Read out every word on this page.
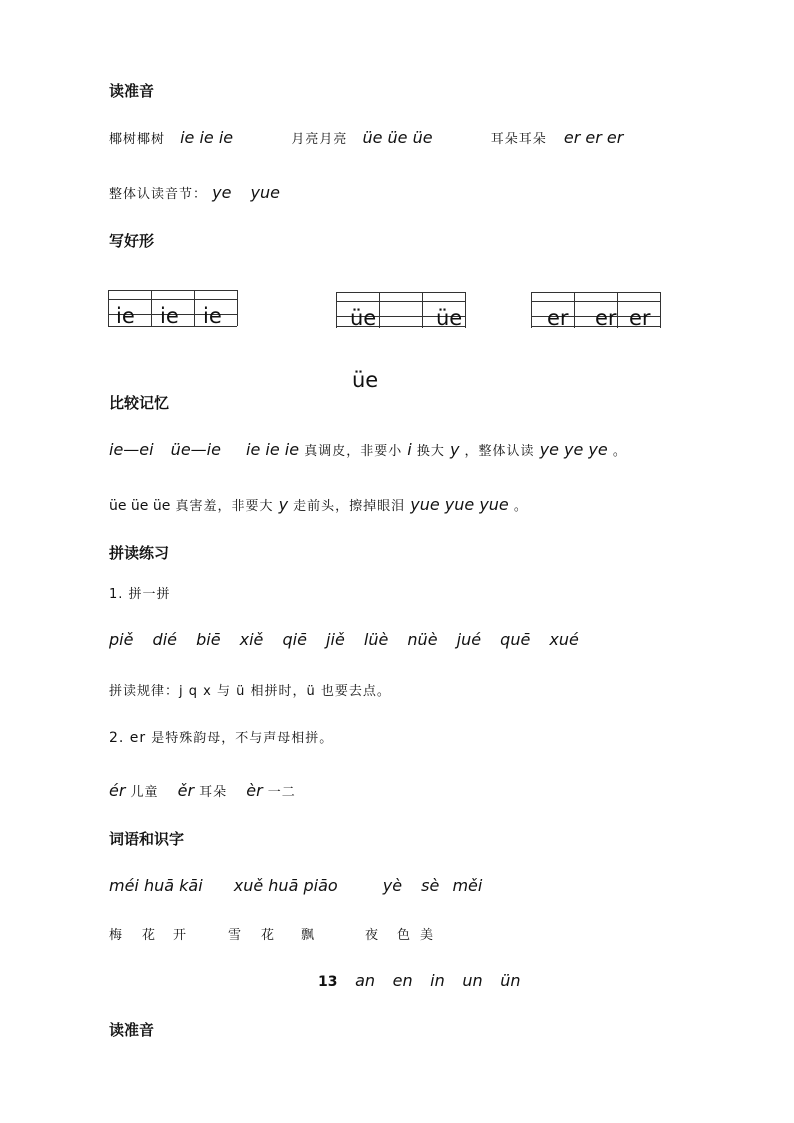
读准音
椰树椰树 ie ie ie	月亮月亮 üe üe üe	耳朵耳朵 er er er
整体认读音节： ye yue
写好形
ie ie ie	üe	üe	er er er
üe
比较记忆
ie—ei üe—ie ie ie ie 真调皮，非要小 i 换大 y ，整体认读 ye ye ye 。
üe üe üe 真害羞，非要大 y 走前头，擦掉眼泪 yue yue yue 。
拼读练习
1. 拼一拼
piě dié biē xiě qiē jiě lüè nüè jué quē xué
拼读规律：j q x 与 ü 相拼时，ü 也要去点。
2. er 是特殊韵母，不与声母相拼。
ér 儿童 ěr 耳朵 èr 一二
词语和识字
méi huā kāi xuě huā piāo	yè sè měi
梅 花 开	雪 花 飘	夜 色 美
13 an en in un ün
读准音
